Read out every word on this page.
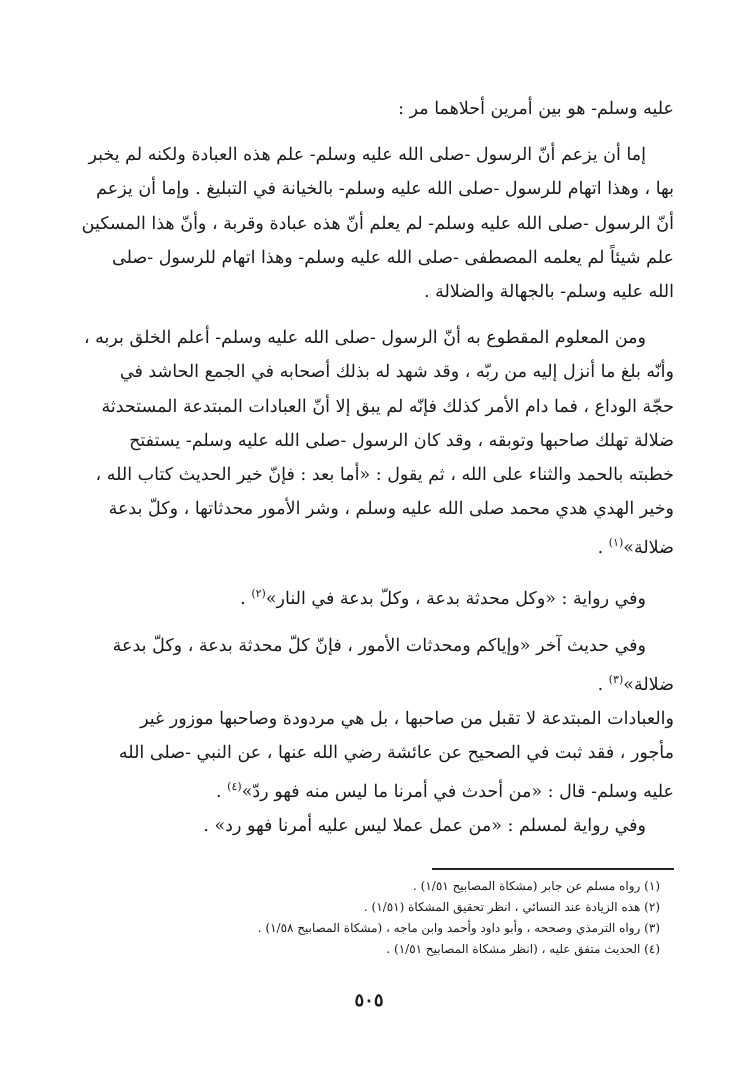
عليه وسلم- هو بين أمرين أحلاهما مر :

إما أن يزعم أنّ الرسول -صلى الله عليه وسلم- علم هذه العبادة ولكنه لم يخبر

بها ، وهذا اتهام للرسول -صلى الله عليه وسلم- بالخيانة في التبليغ . وإما أن يزعم

أنّ الرسول -صلى الله عليه وسلم- لم يعلم أنّ هذه عبادة وقربة ، وأنّ هذا المسكين

علم شيئاً لم يعلمه المصطفى -صلى الله عليه وسلم- وهذا اتهام للرسول -صلى

الله عليه وسلم- بالجهالة والضلالة .

ومن المعلوم المقطوع به أنّ الرسول -صلى الله عليه وسلم- أعلم الخلق بربه ،

وأنّه بلغ ما أنزل إليه من ربّه ، وقد شهد له بذلك أصحابه في الجمع الحاشد في

حجّة الوداع ، فما دام الأمر كذلك فإنّه لم يبق إلا أنّ العبادات المبتدعة المستحدثة

ضلالة تهلك صاحبها وتوبقه ، وقد كان الرسول -صلى الله عليه وسلم- يستفتح

خطبته بالحمد والثناء على الله ، ثم يقول : «أما بعد : فإنّ خير الحديث كتاب الله ،

وخير الهدي هدي محمد صلى الله عليه وسلم ، وشر الأمور محدثاتها ، وكلّ بدعة

ضلالة»$^{(١)}$ .

وفي رواية : «وكل محدثة بدعة ، وكلّ بدعة في النار»$^{(٢)}$ .

وفي حديث آخر «وإياكم ومحدثات الأمور ، فإنّ كلّ محدثة بدعة ، وكلّ بدعة

ضلالة»$^{(٣)}$ .

والعبادات المبتدعة لا تقبل من صاحبها ، بل هي مردودة وصاحبها موزور غير

مأجور ، فقد ثبت في الصحيح عن عائشة رضي الله عنها ، عن النبي -صلى الله

عليه وسلم- قال : «من أحدث في أمرنا ما ليس منه فهو ردّ»$^{(٤)}$ .

وفي رواية لمسلم : «من عمل عملا ليس عليه أمرنا فهو رد» .

(١) رواه مسلم عن جابر (مشكاة المصابيح ١/٥١) .
(٢) هذه الزيادة عند النسائي ، انظر تحقيق المشكاة (١/٥١) .
(٣) رواه الترمذي وصححه ، وأبو داود وأحمد وابن ماجه ، (مشكاة المصابيح ١/٥٨) .
(٤) الحديث متفق عليه ، (انظر مشكاة المصابيح ١/٥١) .
٥٠٥
